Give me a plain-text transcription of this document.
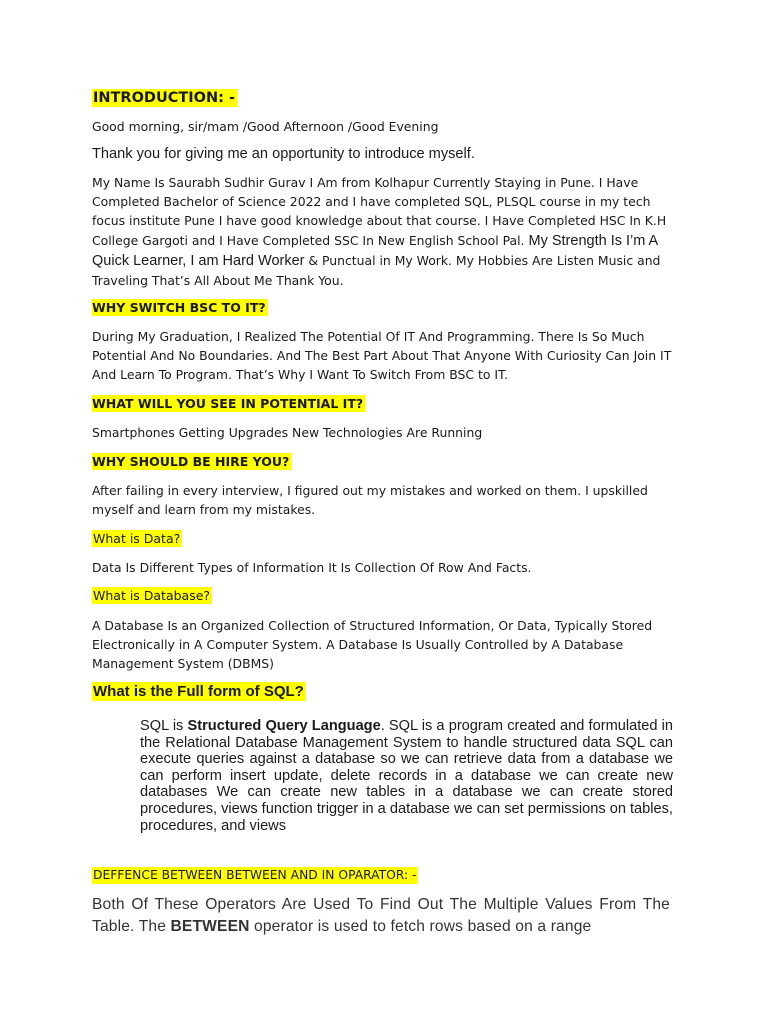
INTRODUCTION: -

Good morning, sir/mam /Good Afternoon /Good Evening

Thank you for giving me an opportunity to introduce myself.

My Name Is Saurabh Sudhir Gurav I Am from Kolhapur Currently Staying in Pune. I Have Completed Bachelor of Science 2022 and I have completed SQL, PLSQL course in my tech focus institute Pune I have good knowledge about that course. I Have Completed HSC In K.H College Gargoti and I Have Completed SSC In New English School Pal. My Strength Is I’m A Quick Learner, I am Hard Worker & Punctual in My Work. My Hobbies Are Listen Music and Traveling That’s All About Me Thank You.

WHY SWITCH BSC TO IT?

During My Graduation, I Realized The Potential Of IT And Programming. There Is So Much Potential And No Boundaries. And The Best Part About That Anyone With Curiosity Can Join IT And Learn To Program. That’s Why I Want To Switch From BSC to IT.

WHAT WILL YOU SEE IN POTENTIAL IT?

Smartphones Getting Upgrades New Technologies Are Running

WHY SHOULD BE HIRE YOU?

After failing in every interview, I figured out my mistakes and worked on them. I upskilled myself and learn from my mistakes.

What is Data?

Data Is Different Types of Information It Is Collection Of Row And Facts.

What is Database?

A Database Is an Organized Collection of Structured Information, Or Data, Typically Stored Electronically in A Computer System. A Database Is Usually Controlled by A Database Management System (DBMS)

What is the Full form of SQL?

SQL is Structured Query Language. SQL is a program created and formulated in the Relational Database Management System to handle structured data SQL can execute queries against a database so we can retrieve data from a database we can perform insert update, delete records in a database we can create new databases We can create new tables in a database we can create stored procedures, views function trigger in a database we can set permissions on tables, procedures, and views

DEFFENCE BETWEEN BETWEEN AND IN OPARATOR: -

Both Of These Operators Are Used To Find Out The Multiple Values From The Table. The BETWEEN operator is used to fetch rows based on a range
